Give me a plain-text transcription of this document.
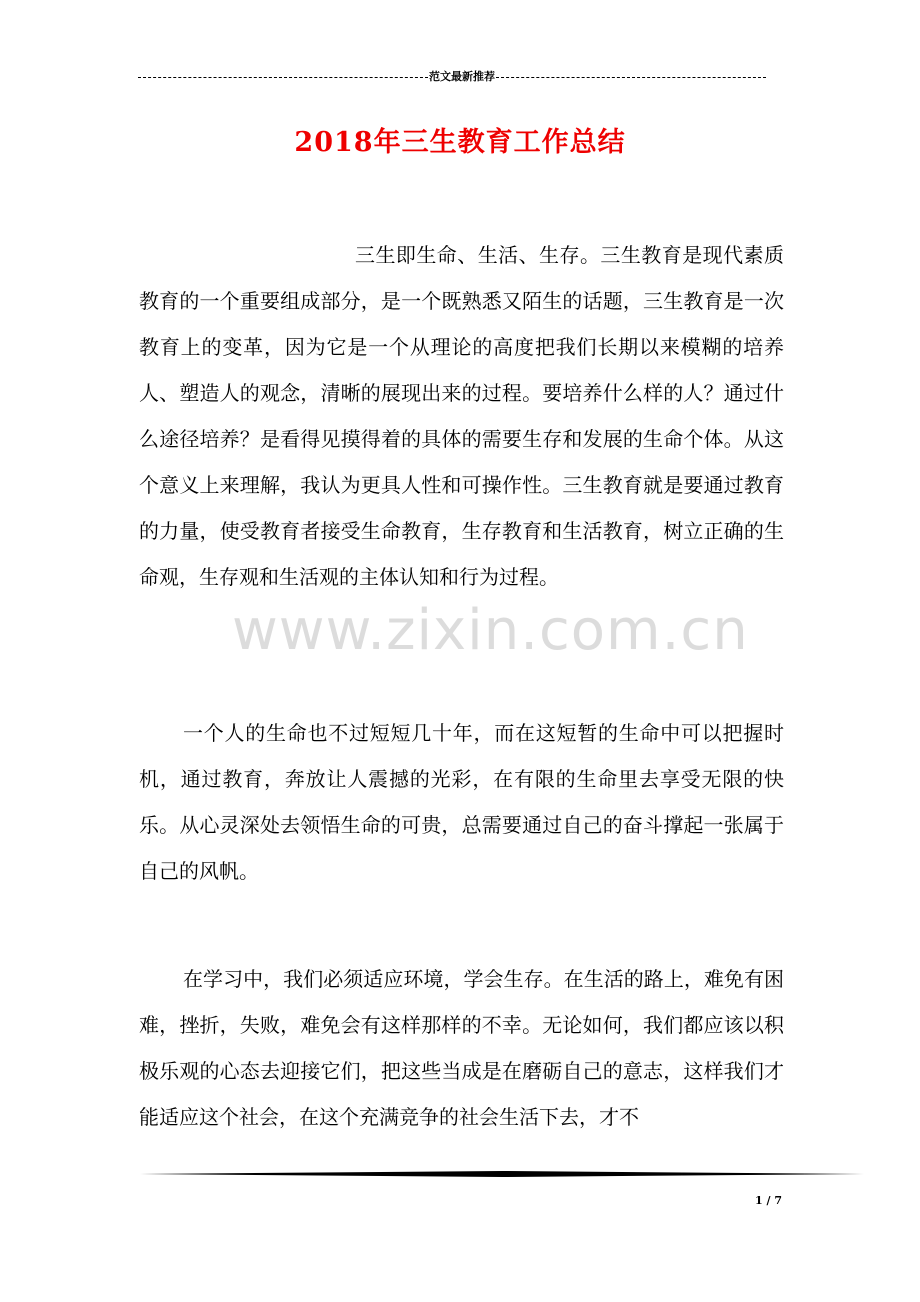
范文最新推荐
2018年三生教育工作总结
www.zixin.com.cn

三生即生命、生活、生存。三生教育是现代素质教育的一个重要组成部分，是一个既熟悉又陌生的话题，三生教育是一次教育上的变革，因为它是一个从理论的高度把我们长期以来模糊的培养人、塑造人的观念，清晰的展现出来的过程。要培养什么样的人？通过什么途径培养？是看得见摸得着的具体的需要生存和发展的生命个体。从这个意义上来理解，我认为更具人性和可操作性。三生教育就是要通过教育的力量，使受教育者接受生命教育，生存教育和生活教育，树立正确的生命观，生存观和生活观的主体认知和行为过程。

一个人的生命也不过短短几十年，而在这短暂的生命中可以把握时机，通过教育，奔放让人震撼的光彩，在有限的生命里去享受无限的快乐。从心灵深处去领悟生命的可贵，总需要通过自己的奋斗撑起一张属于自己的风帆。

在学习中，我们必须适应环境，学会生存。在生活的路上，难免有困难，挫折，失败，难免会有这样那样的不幸。无论如何，我们都应该以积极乐观的心态去迎接它们，把这些当成是在磨砺自己的意志，这样我们才能适应这个社会，在这个充满竞争的社会生活下去，才不

1 / 7
